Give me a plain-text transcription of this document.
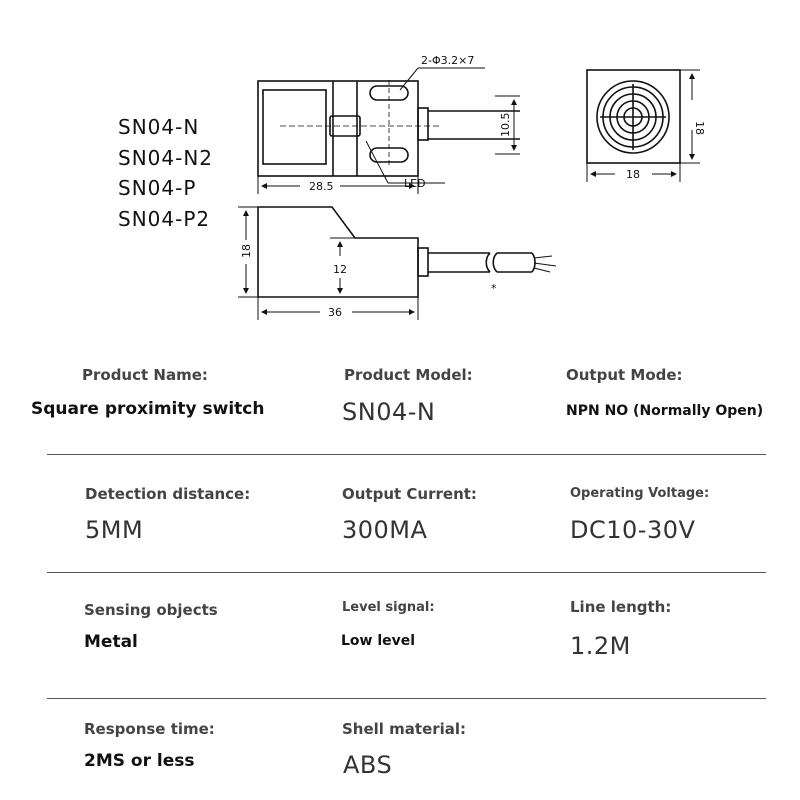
SN04-N
SN04-N2
SN04-P
SN04-P2
2-Φ3.2×7
28.5
10.5
LED
18
18
18
12
36
*
Product Name:
Square proximity switch
Product Model:
SN04-N
Output Mode:
NPN NO (Normally Open)
Detection distance:
5MM
Output Current:
300MA
Operating Voltage:
DC10-30V
Sensing objects
Metal
Level signal:
Low level
Line length:
1.2M
Response time:
2MS or less
Shell material:
ABS
